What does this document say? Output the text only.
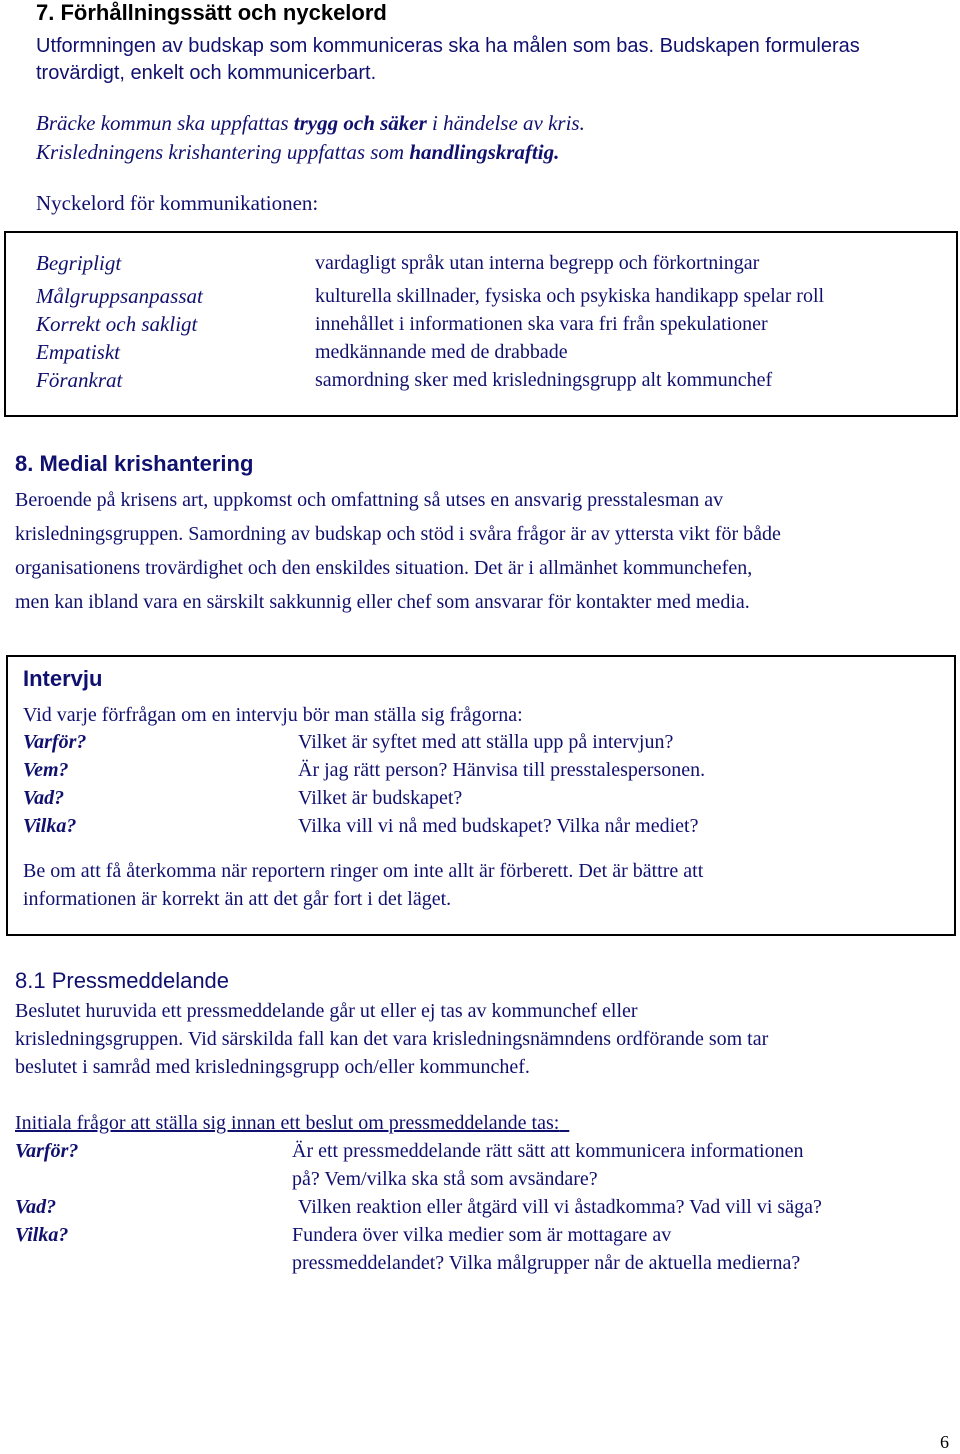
7. Förhållningssätt och nyckelord
Utformningen av budskap som kommuniceras ska ha målen som bas. Budskapen formuleras
trovärdigt, enkelt och kommunicerbart.
Bräcke kommun ska uppfattas trygg och säker i händelse av kris.
Krisledningens krishantering uppfattas som handlingskraftig.
Nyckelord för kommunikationen:
Begripligt	vardagligt språk utan interna begrepp och förkortningar
Målgruppsanpassat	kulturella skillnader, fysiska och psykiska handikapp spelar roll
Korrekt och sakligt	innehållet i informationen ska vara fri från spekulationer
Empatiskt	medkännande med de drabbade
Förankrat	samordning sker med krisledningsgrupp alt kommunchef
8. Medial krishantering
Beroende på krisens art, uppkomst och omfattning så utses en ansvarig presstalesman av
krisledningsgruppen. Samordning av budskap och stöd i svåra frågor är av yttersta vikt för både
organisationens trovärdighet och den enskildes situation. Det är i allmänhet kommunchefen,
men kan ibland vara en särskilt sakkunnig eller chef som ansvarar för kontakter med media.
Intervju
Vid varje förfrågan om en intervju bör man ställa sig frågorna:
Varför?	Vilket är syftet med att ställa upp på intervjun?
Vem?	Är jag rätt person? Hänvisa till presstalespersonen.
Vad?	Vilket är budskapet?
Vilka?	Vilka vill vi nå med budskapet? Vilka når mediet?
Be om att få återkomma när reportern ringer om inte allt är förberett. Det är bättre att
informationen är korrekt än att det går fort i det läget.
8.1 Pressmeddelande
Beslutet huruvida ett pressmeddelande går ut eller ej tas av kommunchef eller
krisledningsgruppen. Vid särskilda fall kan det vara krisledningsnämndens ordförande som tar
beslutet i samråd med krisledningsgrupp och/eller kommunchef.
Initiala frågor att ställa sig innan ett beslut om pressmeddelande tas:
Varför?	Är ett pressmeddelande rätt sätt att kommunicera informationen
på? Vem/vilka ska stå som avsändare?
Vad?	Vilken reaktion eller åtgärd vill vi åstadkomma? Vad vill vi säga?
Vilka?	Fundera över vilka medier som är mottagare av
pressmeddelandet? Vilka målgrupper når de aktuella medierna?
6
